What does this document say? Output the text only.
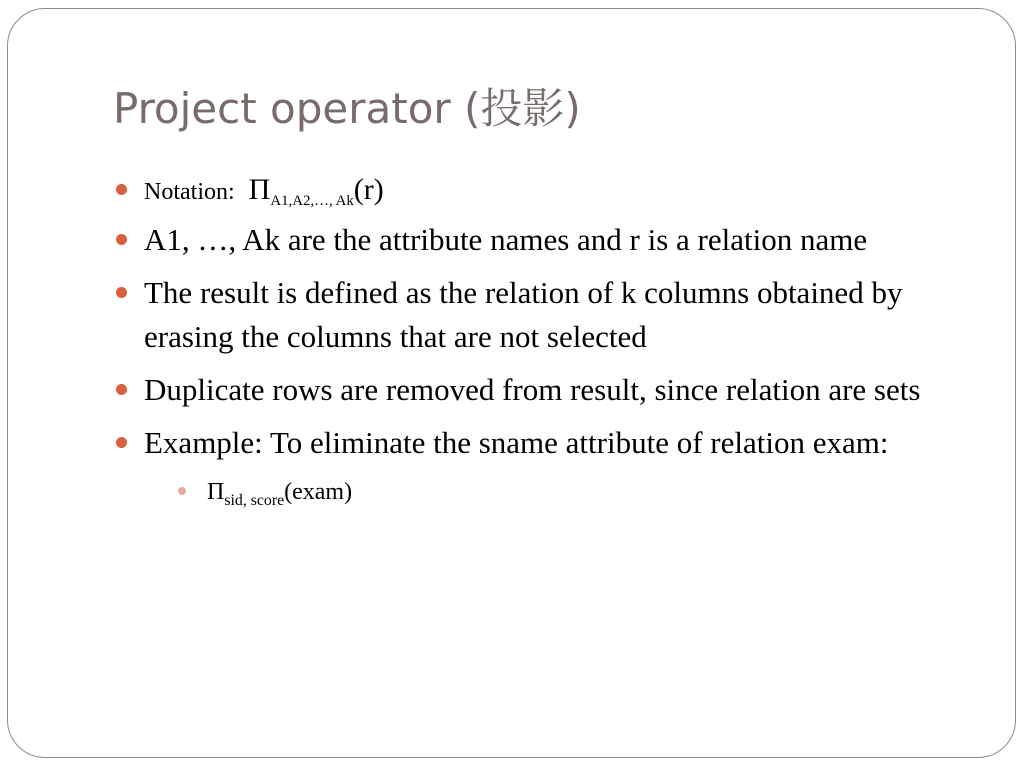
Project operator (投影)
Notation: $\Pi_{A1,A2,\dots, Ak}(r)$
A1, …, Ak are the attribute names and r is a relation name
The result is defined as the relation of k columns obtained by erasing the columns that are not selected
Duplicate rows are removed from result, since relation are sets
Example: To eliminate the sname attribute of relation exam:
$\Pi_{sid, score}(exam)$
